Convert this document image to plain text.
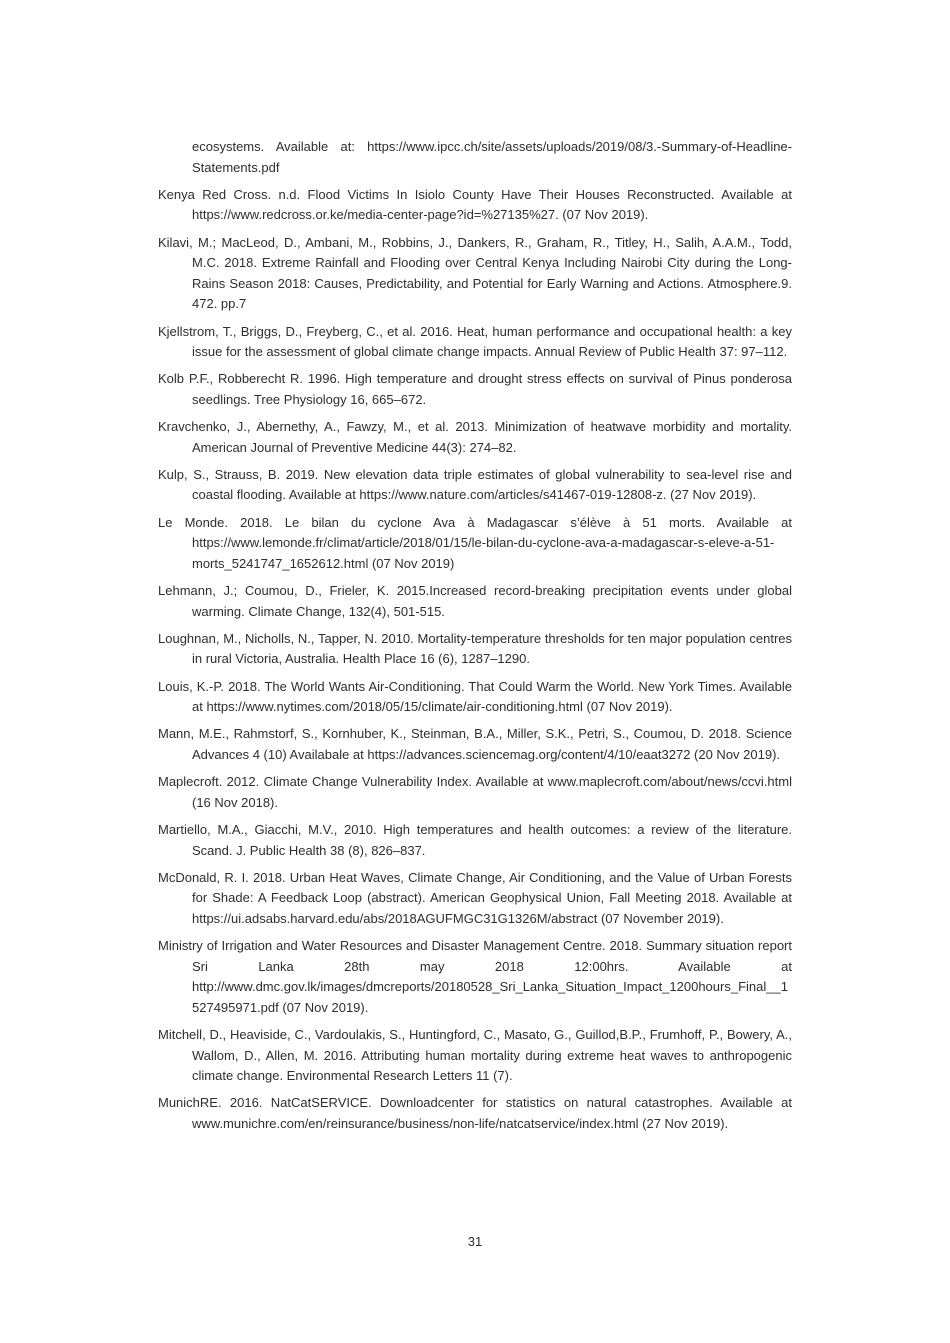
ecosystems. Available at: https://www.ipcc.ch/site/assets/uploads/2019/08/3.-Summary-of-Headline-Statements.pdf

Kenya Red Cross. n.d. Flood Victims In Isiolo County Have Their Houses Reconstructed. Available at https://www.redcross.or.ke/media-center-page?id=%27135%27. (07 Nov 2019).

Kilavi, M.; MacLeod, D., Ambani, M., Robbins, J., Dankers, R., Graham, R., Titley, H., Salih, A.A.M., Todd, M.C. 2018. Extreme Rainfall and Flooding over Central Kenya Including Nairobi City during the Long-Rains Season 2018: Causes, Predictability, and Potential for Early Warning and Actions. Atmosphere.9. 472. pp.7

Kjellstrom, T., Briggs, D., Freyberg, C., et al. 2016. Heat, human performance and occupational health: a key issue for the assessment of global climate change impacts. Annual Review of Public Health 37: 97–112.

Kolb P.F., Robberecht R. 1996. High temperature and drought stress effects on survival of Pinus ponderosa seedlings. Tree Physiology 16, 665–672.

Kravchenko, J., Abernethy, A., Fawzy, M., et al. 2013. Minimization of heatwave morbidity and mortality. American Journal of Preventive Medicine 44(3): 274–82.

Kulp, S., Strauss, B. 2019. New elevation data triple estimates of global vulnerability to sea-level rise and coastal flooding. Available at https://www.nature.com/articles/s41467-019-12808-z. (27 Nov 2019).

Le Monde. 2018. Le bilan du cyclone Ava à Madagascar s’élève à 51 morts. Available at https://www.lemonde.fr/climat/article/2018/01/15/le-bilan-du-cyclone-ava-a-madagascar-s-eleve-a-51-morts_5241747_1652612.html (07 Nov 2019)

Lehmann, J.; Coumou, D., Frieler, K. 2015.Increased record-breaking precipitation events under global warming. Climate Change, 132(4), 501-515.

Loughnan, M., Nicholls, N., Tapper, N. 2010. Mortality-temperature thresholds for ten major population centres in rural Victoria, Australia. Health Place 16 (6), 1287–1290.

Louis, K.-P. 2018. The World Wants Air-Conditioning. That Could Warm the World. New York Times. Available at https://www.nytimes.com/2018/05/15/climate/air-conditioning.html (07 Nov 2019).

Mann, M.E., Rahmstorf, S., Kornhuber, K., Steinman, B.A., Miller, S.K., Petri, S., Coumou, D. 2018. Science Advances 4 (10) Availabale at https://advances.sciencemag.org/content/4/10/eaat3272 (20 Nov 2019).

Maplecroft. 2012. Climate Change Vulnerability Index. Available at www.maplecroft.com/about/news/ccvi.html (16 Nov 2018).

Martiello, M.A., Giacchi, M.V., 2010. High temperatures and health outcomes: a review of the literature. Scand. J. Public Health 38 (8), 826–837.

McDonald, R. I. 2018. Urban Heat Waves, Climate Change, Air Conditioning, and the Value of Urban Forests for Shade: A Feedback Loop (abstract). American Geophysical Union, Fall Meeting 2018. Available at https://ui.adsabs.harvard.edu/abs/2018AGUFMGC31G1326M/abstract (07 November 2019).

Ministry of Irrigation and Water Resources and Disaster Management Centre. 2018. Summary situation report Sri Lanka 28th may 2018 12:00hrs. Available at http://www.dmc.gov.lk/images/dmcreports/20180528_Sri_Lanka_Situation_Impact_1200hours_Final__1527495971.pdf (07 Nov 2019).

Mitchell, D., Heaviside, C., Vardoulakis, S., Huntingford, C., Masato, G., Guillod,B.P., Frumhoff, P., Bowery, A., Wallom, D., Allen, M. 2016. Attributing human mortality during extreme heat waves to anthropogenic climate change. Environmental Research Letters 11 (7).

MunichRE. 2016. NatCatSERVICE. Downloadcenter for statistics on natural catastrophes. Available at www.munichre.com/en/reinsurance/business/non-life/natcatservice/index.html (27 Nov 2019).

31
